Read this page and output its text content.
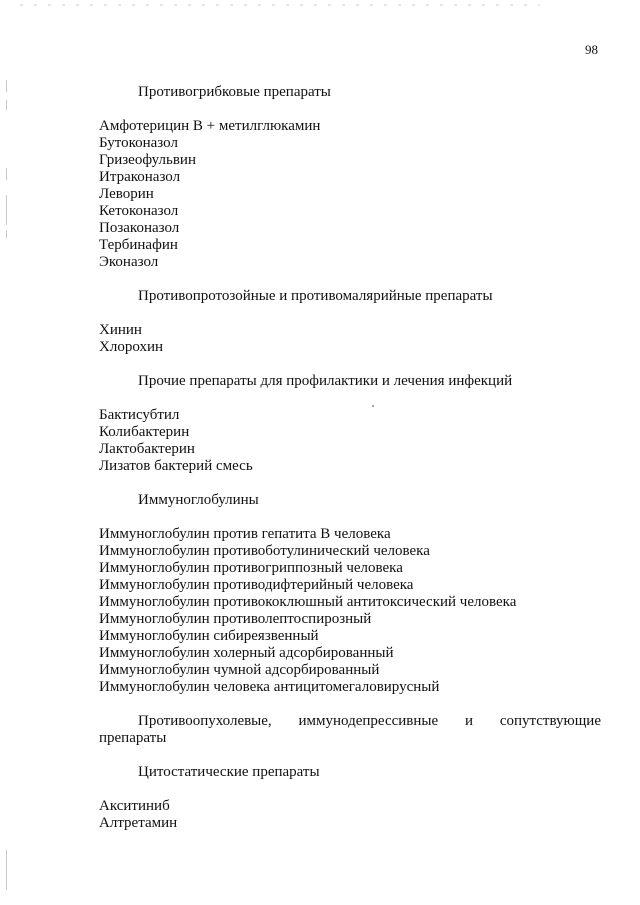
98
Противогрибковые препараты
Амфотерицин В + метилглюкамин
Бутоконазол
Гризеофульвин
Итраконазол
Леворин
Кетоконазол
Позаконазол
Тербинафин
Эконазол
Противопротозойные и противомалярийные препараты
Хинин
Хлорохин
Прочие препараты для профилактики и лечения инфекций
Бактисубтил
Колибактерин
Лактобактерин
Лизатов бактерий смесь
Иммуноглобулины
Иммуноглобулин против гепатита В человека
Иммуноглобулин противоботулинический человека
Иммуноглобулин противогриппозный человека
Иммуноглобулин противодифтерийный человека
Иммуноглобулин противококлюшный антитоксический человека
Иммуноглобулин противолептоспирозный
Иммуноглобулин сибиреязвенный
Иммуноглобулин холерный адсорбированный
Иммуноглобулин чумной адсорбированный
Иммуноглобулин человека антицитомегаловирусный
Противоопухолевые, иммунодепрессивные и сопутствующие
препараты
Цитостатические препараты
Акситиниб
Алтретамин
